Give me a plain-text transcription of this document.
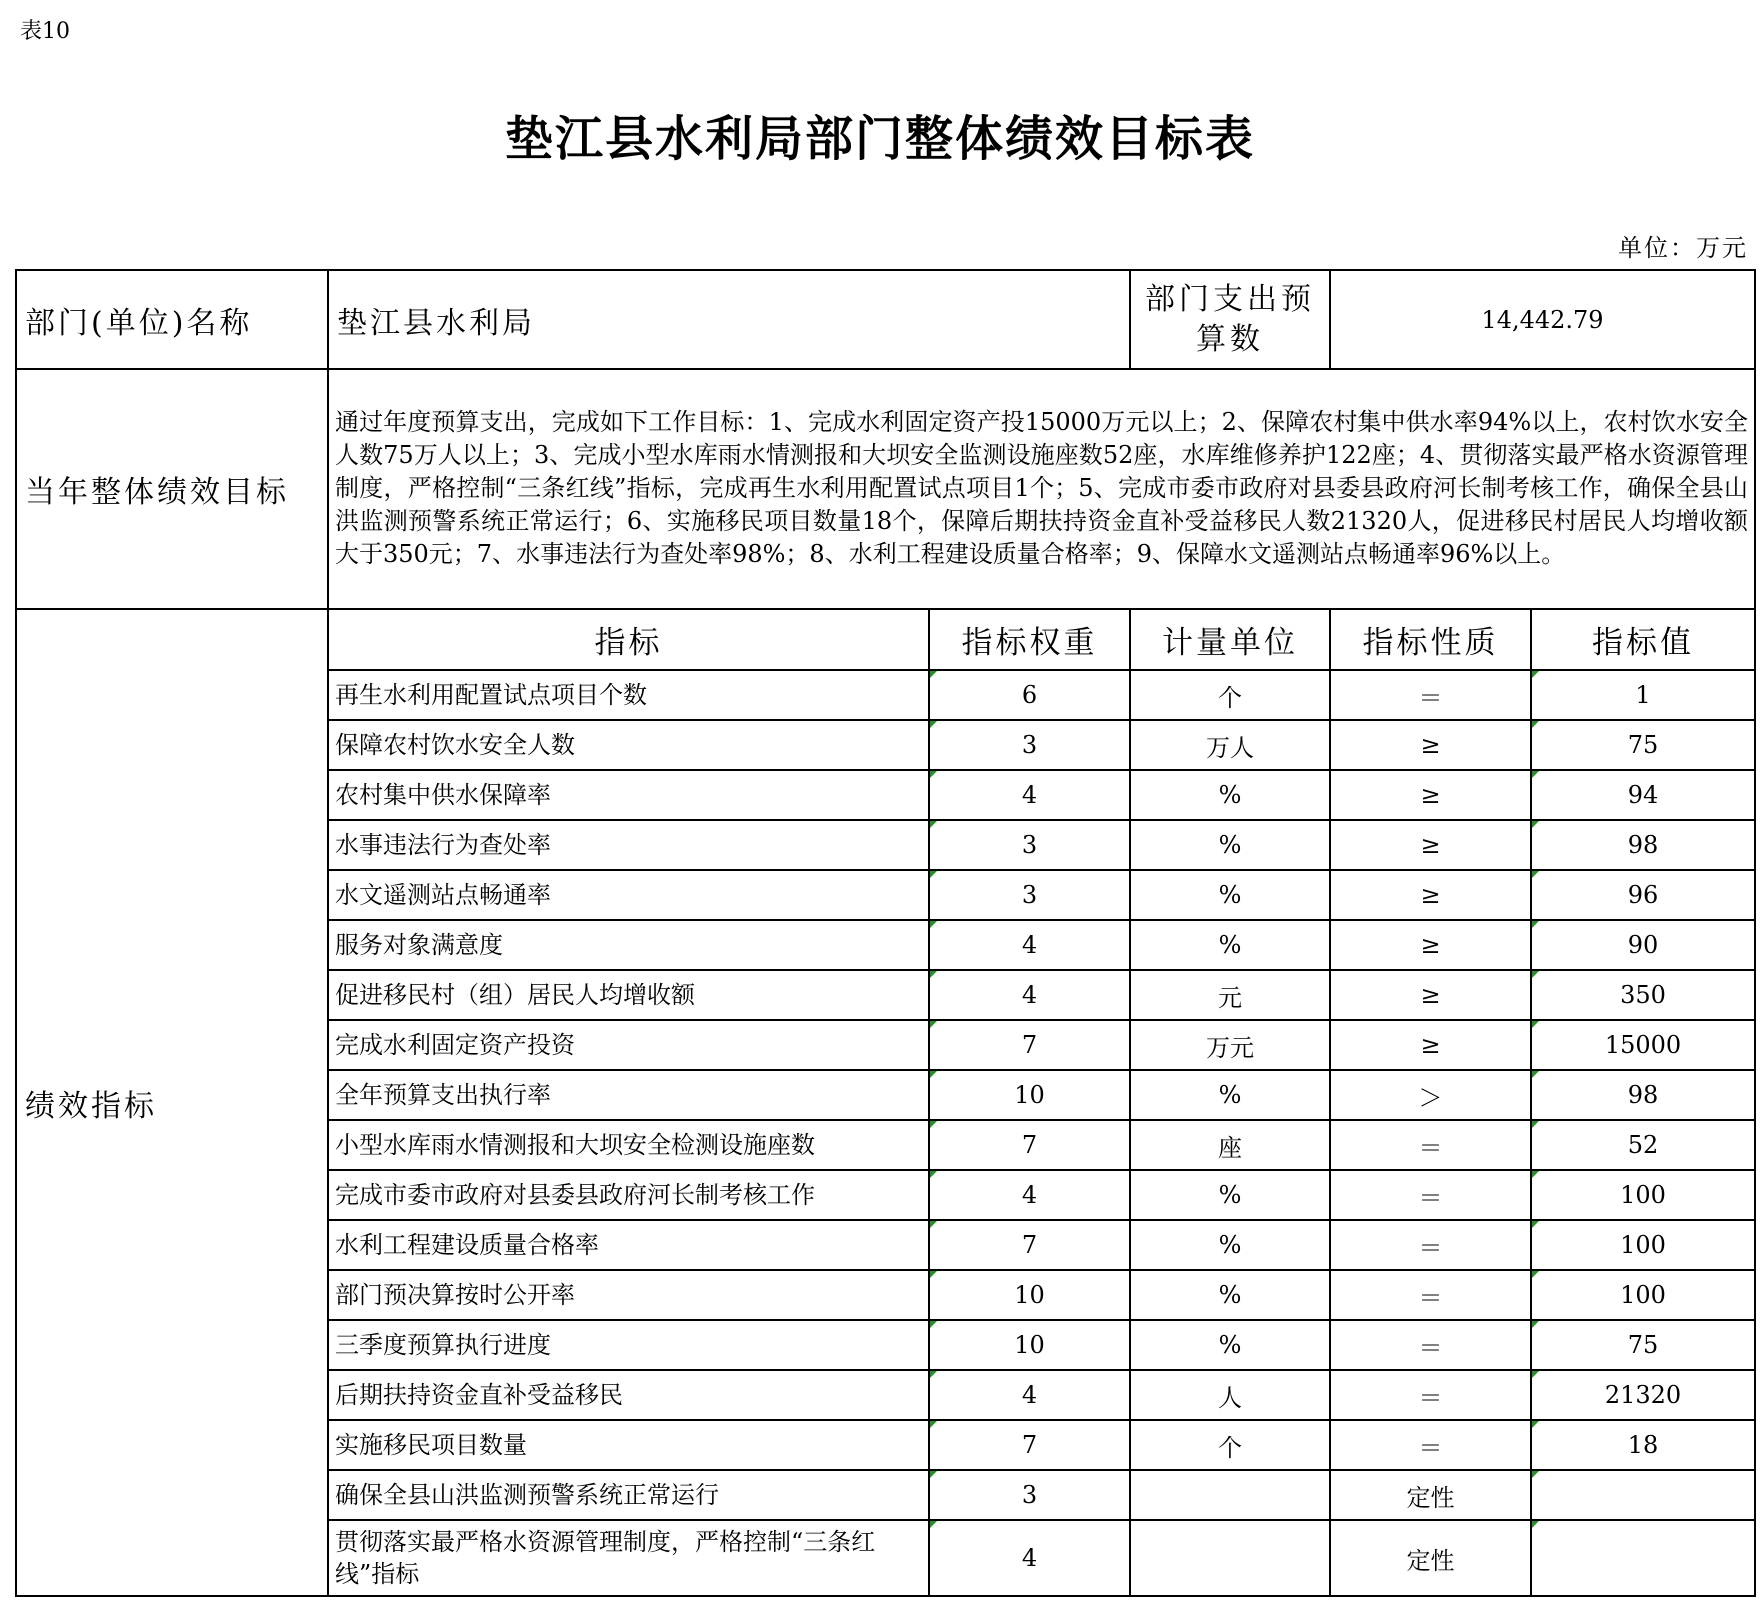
表10
垫江县水利局部门整体绩效目标表
单位：万元
部门(单位)名称	垫江县水利局		部门支出预算数	14,442.79	
当年整体绩效目标	通过年度预算支出，完成如下工作目标：1、完成水利固定资产投15000万元以上；2、保障农村集中供水率94%以上，农村饮水安全人数75万人以上；3、完成小型水库雨水情测报和大坝安全监测设施座数52座，水库维修养护122座；4、贯彻落实最严格水资源管理制度，严格控制“三条红线”指标，完成再生水利用配置试点项目1个；5、完成市委市政府对县委县政府河长制考核工作，确保全县山洪监测预警系统正常运行；6、实施移民项目数量18个，保障后期扶持资金直补受益移民人数21320人，促进移民村居民人均增收额大于350元；7、水事违法行为查处率98%；8、水利工程建设质量合格率；9、保障水文遥测站点畅通率96%以上。				
绩效指标	指标	指标权重	计量单位	指标性质	指标值
	再生水利用配置试点项目个数	6	个	＝	1
	保障农村饮水安全人数	3	万人	≥	75
	农村集中供水保障率	4	%	≥	94
	水事违法行为查处率	3	%	≥	98
	水文遥测站点畅通率	3	%	≥	96
	服务对象满意度	4	%	≥	90
	促进移民村（组）居民人均增收额	4	元	≥	350
	完成水利固定资产投资	7	万元	≥	15000
	全年预算支出执行率	10	%	＞	98
	小型水库雨水情测报和大坝安全检测设施座数	7	座	＝	52
	完成市委市政府对县委县政府河长制考核工作	4	%	＝	100
	水利工程建设质量合格率	7	%	＝	100
	部门预决算按时公开率	10	%	＝	100
	三季度预算执行进度	10	%	＝	75
	后期扶持资金直补受益移民	4	人	＝	21320
	实施移民项目数量	7	个	＝	18
	确保全县山洪监测预警系统正常运行	3		定性	
	贯彻落实最严格水资源管理制度，严格控制“三条红线”指标	4		定性	
